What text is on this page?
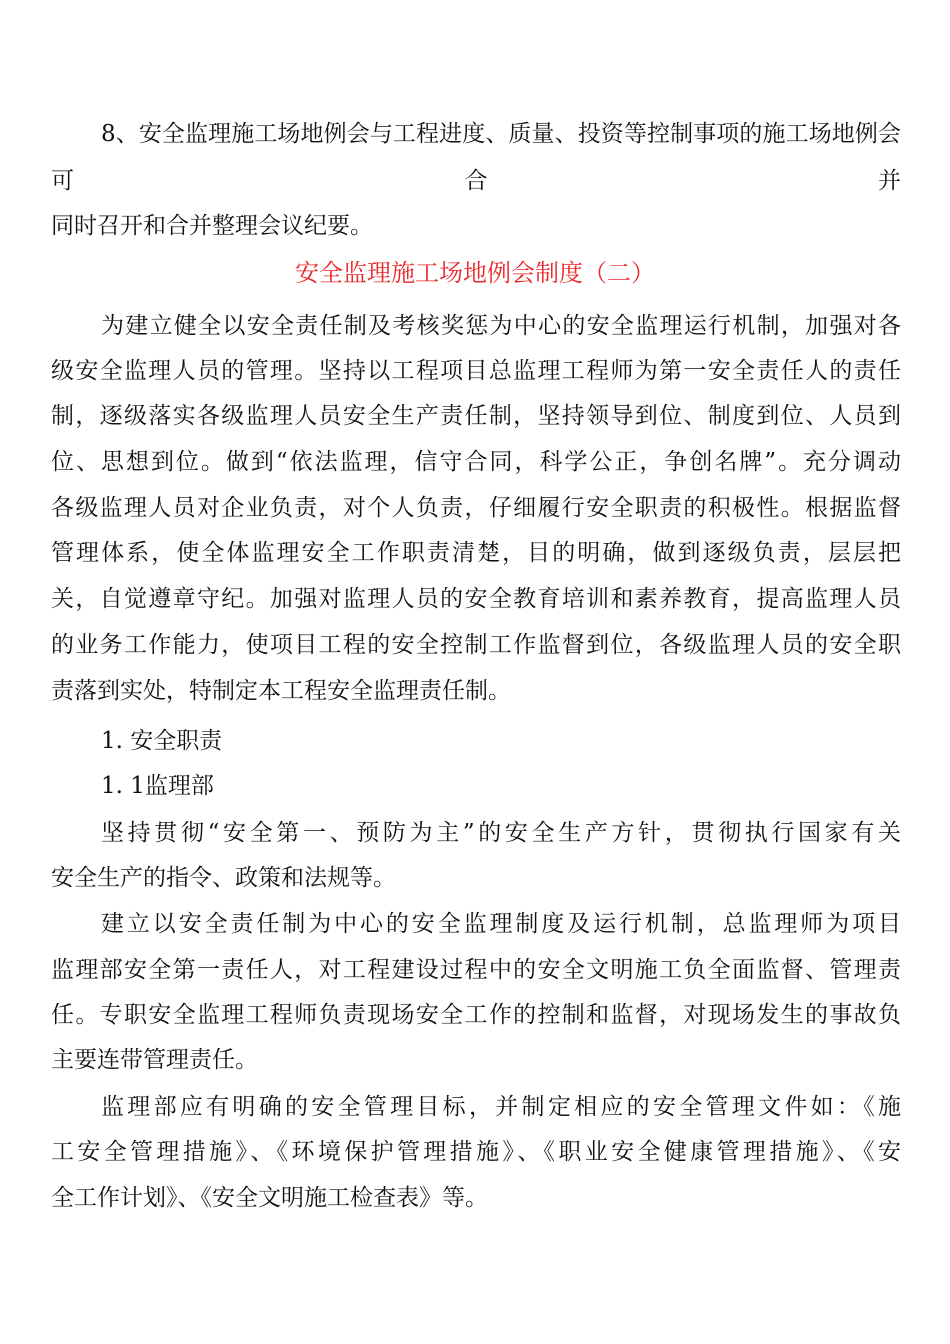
8、安全监理施工场地例会与工程进度、质量、投资等控制事项的施工场地例会
可合并
同时召开和合并整理会议纪要。
安全监理施工场地例会制度（二）
为建立健全以安全责任制及考核奖惩为中心的安全监理运行机制，加强对各
级安全监理人员的管理。坚持以工程项目总监理工程师为第一安全责任人的责任
制，逐级落实各级监理人员安全生产责任制，坚持领导到位、制度到位、人员到
位、思想到位。做到“依法监理，信守合同，科学公正，争创名牌”。充分调动
各级监理人员对企业负责，对个人负责，仔细履行安全职责的积极性。根据监督
管理体系，使全体监理安全工作职责清楚，目的明确，做到逐级负责，层层把
关，自觉遵章守纪。加强对监理人员的安全教育培训和素养教育，提高监理人员
的业务工作能力，使项目工程的安全控制工作监督到位，各级监理人员的安全职
责落到实处，特制定本工程安全监理责任制。
1. 安全职责
1. 1监理部
坚持贯彻“安全第一、预防为主”的安全生产方针，贯彻执行国家有关
安全生产的指令、政策和法规等。
建立以安全责任制为中心的安全监理制度及运行机制，总监理师为项目
监理部安全第一责任人，对工程建设过程中的安全文明施工负全面监督、管理责
任。专职安全监理工程师负责现场安全工作的控制和监督，对现场发生的事故负
主要连带管理责任。
监理部应有明确的安全管理目标，并制定相应的安全管理文件如：《施
工安全管理措施》、《环境保护管理措施》、《职业安全健康管理措施》、《安
全工作计划》、《安全文明施工检查表》等。
